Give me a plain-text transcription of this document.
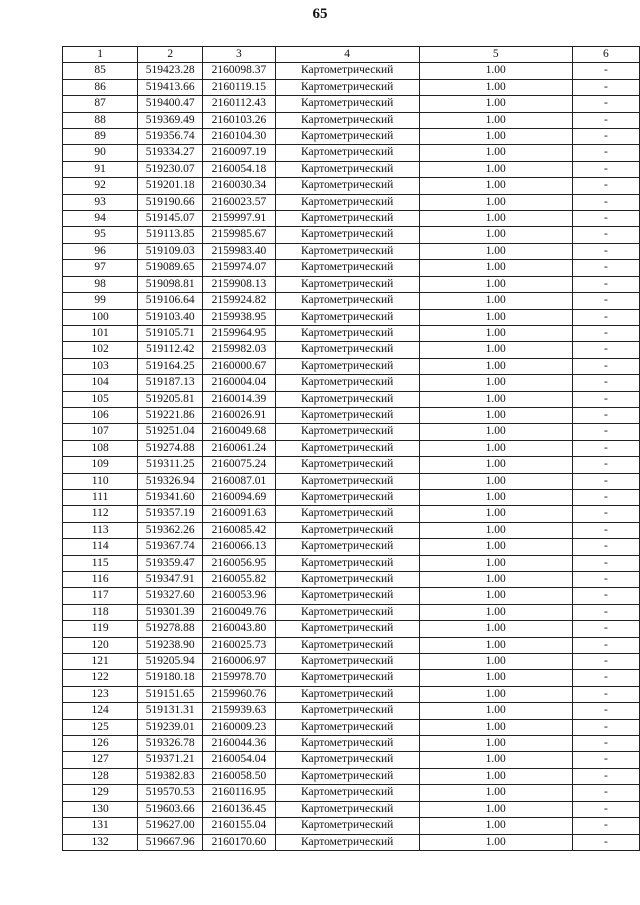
65
1	2	3	4	5	6
85	519423.28	2160098.37	Картометрический	1.00	-
86	519413.66	2160119.15	Картометрический	1.00	-
87	519400.47	2160112.43	Картометрический	1.00	-
88	519369.49	2160103.26	Картометрический	1.00	-
89	519356.74	2160104.30	Картометрический	1.00	-
90	519334.27	2160097.19	Картометрический	1.00	-
91	519230.07	2160054.18	Картометрический	1.00	-
92	519201.18	2160030.34	Картометрический	1.00	-
93	519190.66	2160023.57	Картометрический	1.00	-
94	519145.07	2159997.91	Картометрический	1.00	-
95	519113.85	2159985.67	Картометрический	1.00	-
96	519109.03	2159983.40	Картометрический	1.00	-
97	519089.65	2159974.07	Картометрический	1.00	-
98	519098.81	2159908.13	Картометрический	1.00	-
99	519106.64	2159924.82	Картометрический	1.00	-
100	519103.40	2159938.95	Картометрический	1.00	-
101	519105.71	2159964.95	Картометрический	1.00	-
102	519112.42	2159982.03	Картометрический	1.00	-
103	519164.25	2160000.67	Картометрический	1.00	-
104	519187.13	2160004.04	Картометрический	1.00	-
105	519205.81	2160014.39	Картометрический	1.00	-
106	519221.86	2160026.91	Картометрический	1.00	-
107	519251.04	2160049.68	Картометрический	1.00	-
108	519274.88	2160061.24	Картометрический	1.00	-
109	519311.25	2160075.24	Картометрический	1.00	-
110	519326.94	2160087.01	Картометрический	1.00	-
111	519341.60	2160094.69	Картометрический	1.00	-
112	519357.19	2160091.63	Картометрический	1.00	-
113	519362.26	2160085.42	Картометрический	1.00	-
114	519367.74	2160066.13	Картометрический	1.00	-
115	519359.47	2160056.95	Картометрический	1.00	-
116	519347.91	2160055.82	Картометрический	1.00	-
117	519327.60	2160053.96	Картометрический	1.00	-
118	519301.39	2160049.76	Картометрический	1.00	-
119	519278.88	2160043.80	Картометрический	1.00	-
120	519238.90	2160025.73	Картометрический	1.00	-
121	519205.94	2160006.97	Картометрический	1.00	-
122	519180.18	2159978.70	Картометрический	1.00	-
123	519151.65	2159960.76	Картометрический	1.00	-
124	519131.31	2159939.63	Картометрический	1.00	-
125	519239.01	2160009.23	Картометрический	1.00	-
126	519326.78	2160044.36	Картометрический	1.00	-
127	519371.21	2160054.04	Картометрический	1.00	-
128	519382.83	2160058.50	Картометрический	1.00	-
129	519570.53	2160116.95	Картометрический	1.00	-
130	519603.66	2160136.45	Картометрический	1.00	-
131	519627.00	2160155.04	Картометрический	1.00	-
132	519667.96	2160170.60	Картометрический	1.00	-
